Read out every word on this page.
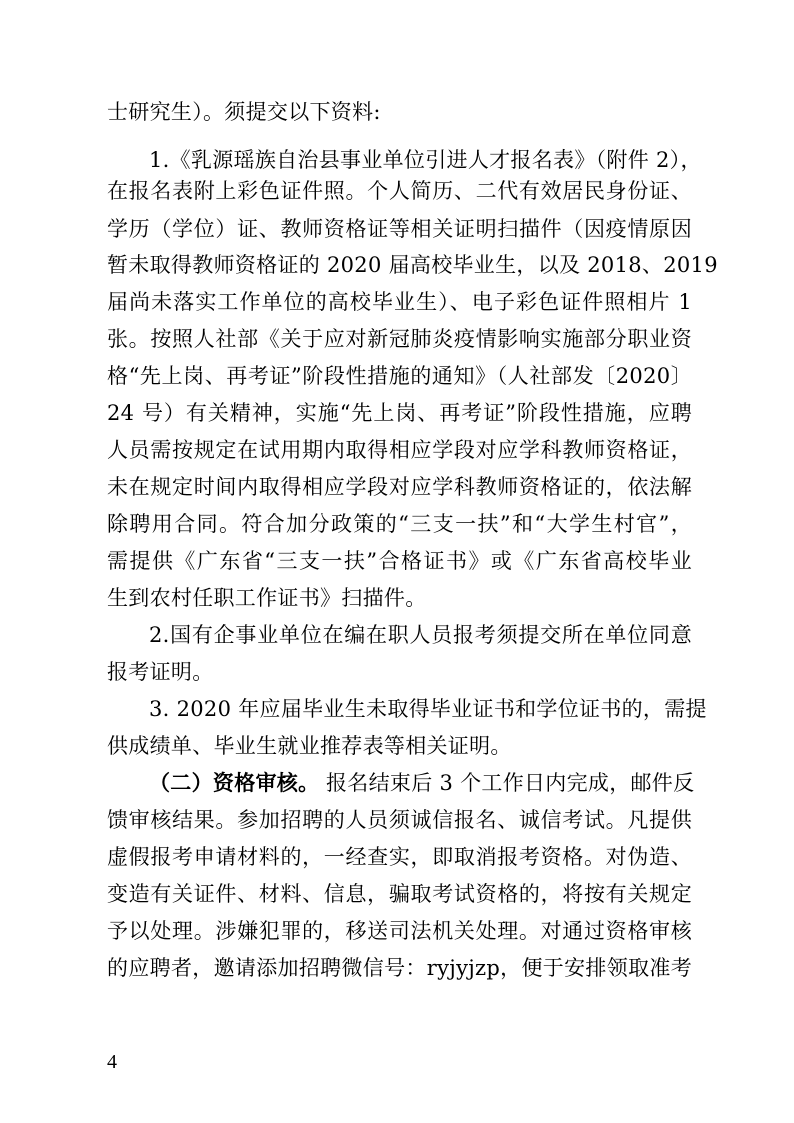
士研究生）。须提交以下资料:

1.《乳源瑶族自治县事业单位引进人才报名表》（附件 2），

在报名表附上彩色证件照。个人简历、二代有效居民身份证、

学历（学位）证、教师资格证等相关证明扫描件（因疫情原因

暂未取得教师资格证的 2020 届高校毕业生，以及 2018、2019

届尚未落实工作单位的高校毕业生）、电子彩色证件照相片 1

张。按照人社部《关于应对新冠肺炎疫情影响实施部分职业资

格“先上岗、再考证”阶段性措施的通知》（人社部发〔2020〕

24 号）有关精神，实施“先上岗、再考证”阶段性措施，应聘

人员需按规定在试用期内取得相应学段对应学科教师资格证，

未在规定时间内取得相应学段对应学科教师资格证的，依法解

除聘用合同。符合加分政策的“三支一扶”和“大学生村官”，

需提供《广东省“三支一扶”合格证书》或《广东省高校毕业

生到农村任职工作证书》扫描件。

2.国有企事业单位在编在职人员报考须提交所在单位同意

报考证明。

3. 2020 年应届毕业生未取得毕业证书和学位证书的，需提

供成绩单、毕业生就业推荐表等相关证明。

（二）资格审核。 报名结束后 3 个工作日内完成，邮件反

馈审核结果。参加招聘的人员须诚信报名、诚信考试。凡提供

虚假报考申请材料的，一经查实，即取消报考资格。对伪造、

变造有关证件、材料、信息，骗取考试资格的，将按有关规定

予以处理。涉嫌犯罪的，移送司法机关处理。对通过资格审核

的应聘者，邀请添加招聘微信号：ryjyjzp，便于安排领取准考

4
